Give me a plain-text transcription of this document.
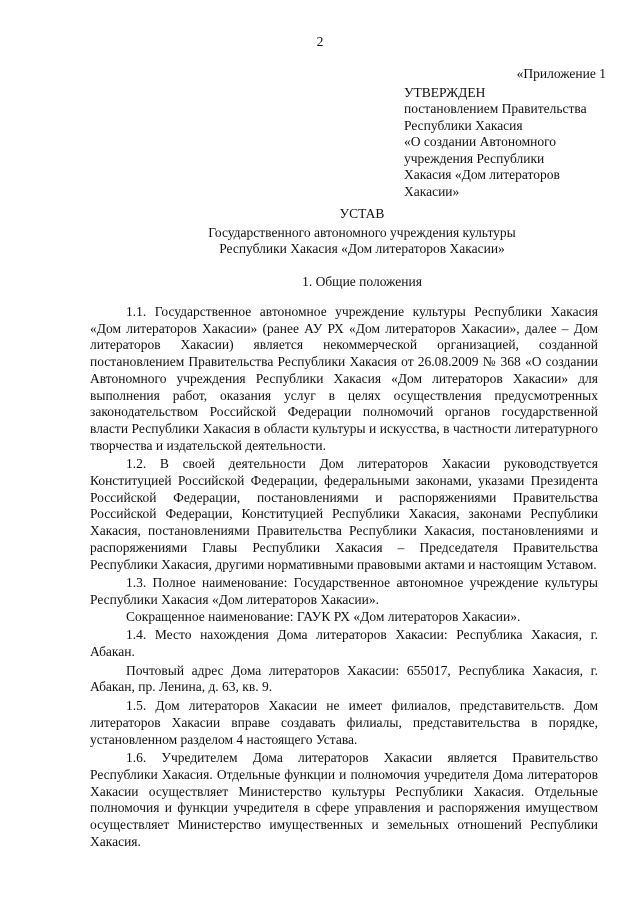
2
«Приложение 1
УТВЕРЖДЕН
постановлением Правительства
Республики Хакасия
«О создании Автономного
учреждения Республики
Хакасия «Дом литераторов
Хакасии»
УСТАВ
Государственного автономного учреждения культуры
Республики Хакасия «Дом литераторов Хакасии»
1. Общие положения

1.1. Государственное автономное учреждение культуры Республики Хакасия «Дом литераторов Хакасии» (ранее АУ РХ «Дом литераторов Хакасии», далее – Дом литераторов Хакасии) является некоммерческой организацией, созданной постановлением Правительства Республики Хакасия от 26.08.2009 № 368 «О создании Автономного учреждения Республики Хакасия «Дом литераторов Хакасии» для выполнения работ, оказания услуг в целях осуществления предусмотренных законодательством Российской Федерации полномочий органов государственной власти Республики Хакасия в области культуры и искусства, в частности литературного творчества и издательской деятельности.

1.2. В своей деятельности Дом литераторов Хакасии руководствуется Конституцией Российской Федерации, федеральными законами, указами Президента Российской Федерации, постановлениями и распоряжениями Правительства Российской Федерации, Конституцией Республики Хакасия, законами Республики Хакасия, постановлениями Правительства Республики Хакасия, постановлениями и распоряжениями Главы Республики Хакасия – Председателя Правительства Республики Хакасия, другими нормативными правовыми актами и настоящим Уставом.

1.3. Полное наименование: Государственное автономное учреждение культуры Республики Хакасия «Дом литераторов Хакасии».

Сокращенное наименование: ГАУК РХ «Дом литераторов Хакасии».

1.4. Место нахождения Дома литераторов Хакасии: Республика Хакасия, г. Абакан.

Почтовый адрес Дома литераторов Хакасии: 655017, Республика Хакасия, г. Абакан, пр. Ленина, д. 63, кв. 9.

1.5. Дом литераторов Хакасии не имеет филиалов, представительств. Дом литераторов Хакасии вправе создавать филиалы, представительства в порядке, установленном разделом 4 настоящего Устава.

1.6. Учредителем Дома литераторов Хакасии является Правительство Республики Хакасия. Отдельные функции и полномочия учредителя Дома литераторов Хакасии осуществляет Министерство культуры Республики Хакасия. Отдельные полномочия и функции учредителя в сфере управления и распоряжения имуществом осуществляет Министерство имущественных и земельных отношений Республики Хакасия.
